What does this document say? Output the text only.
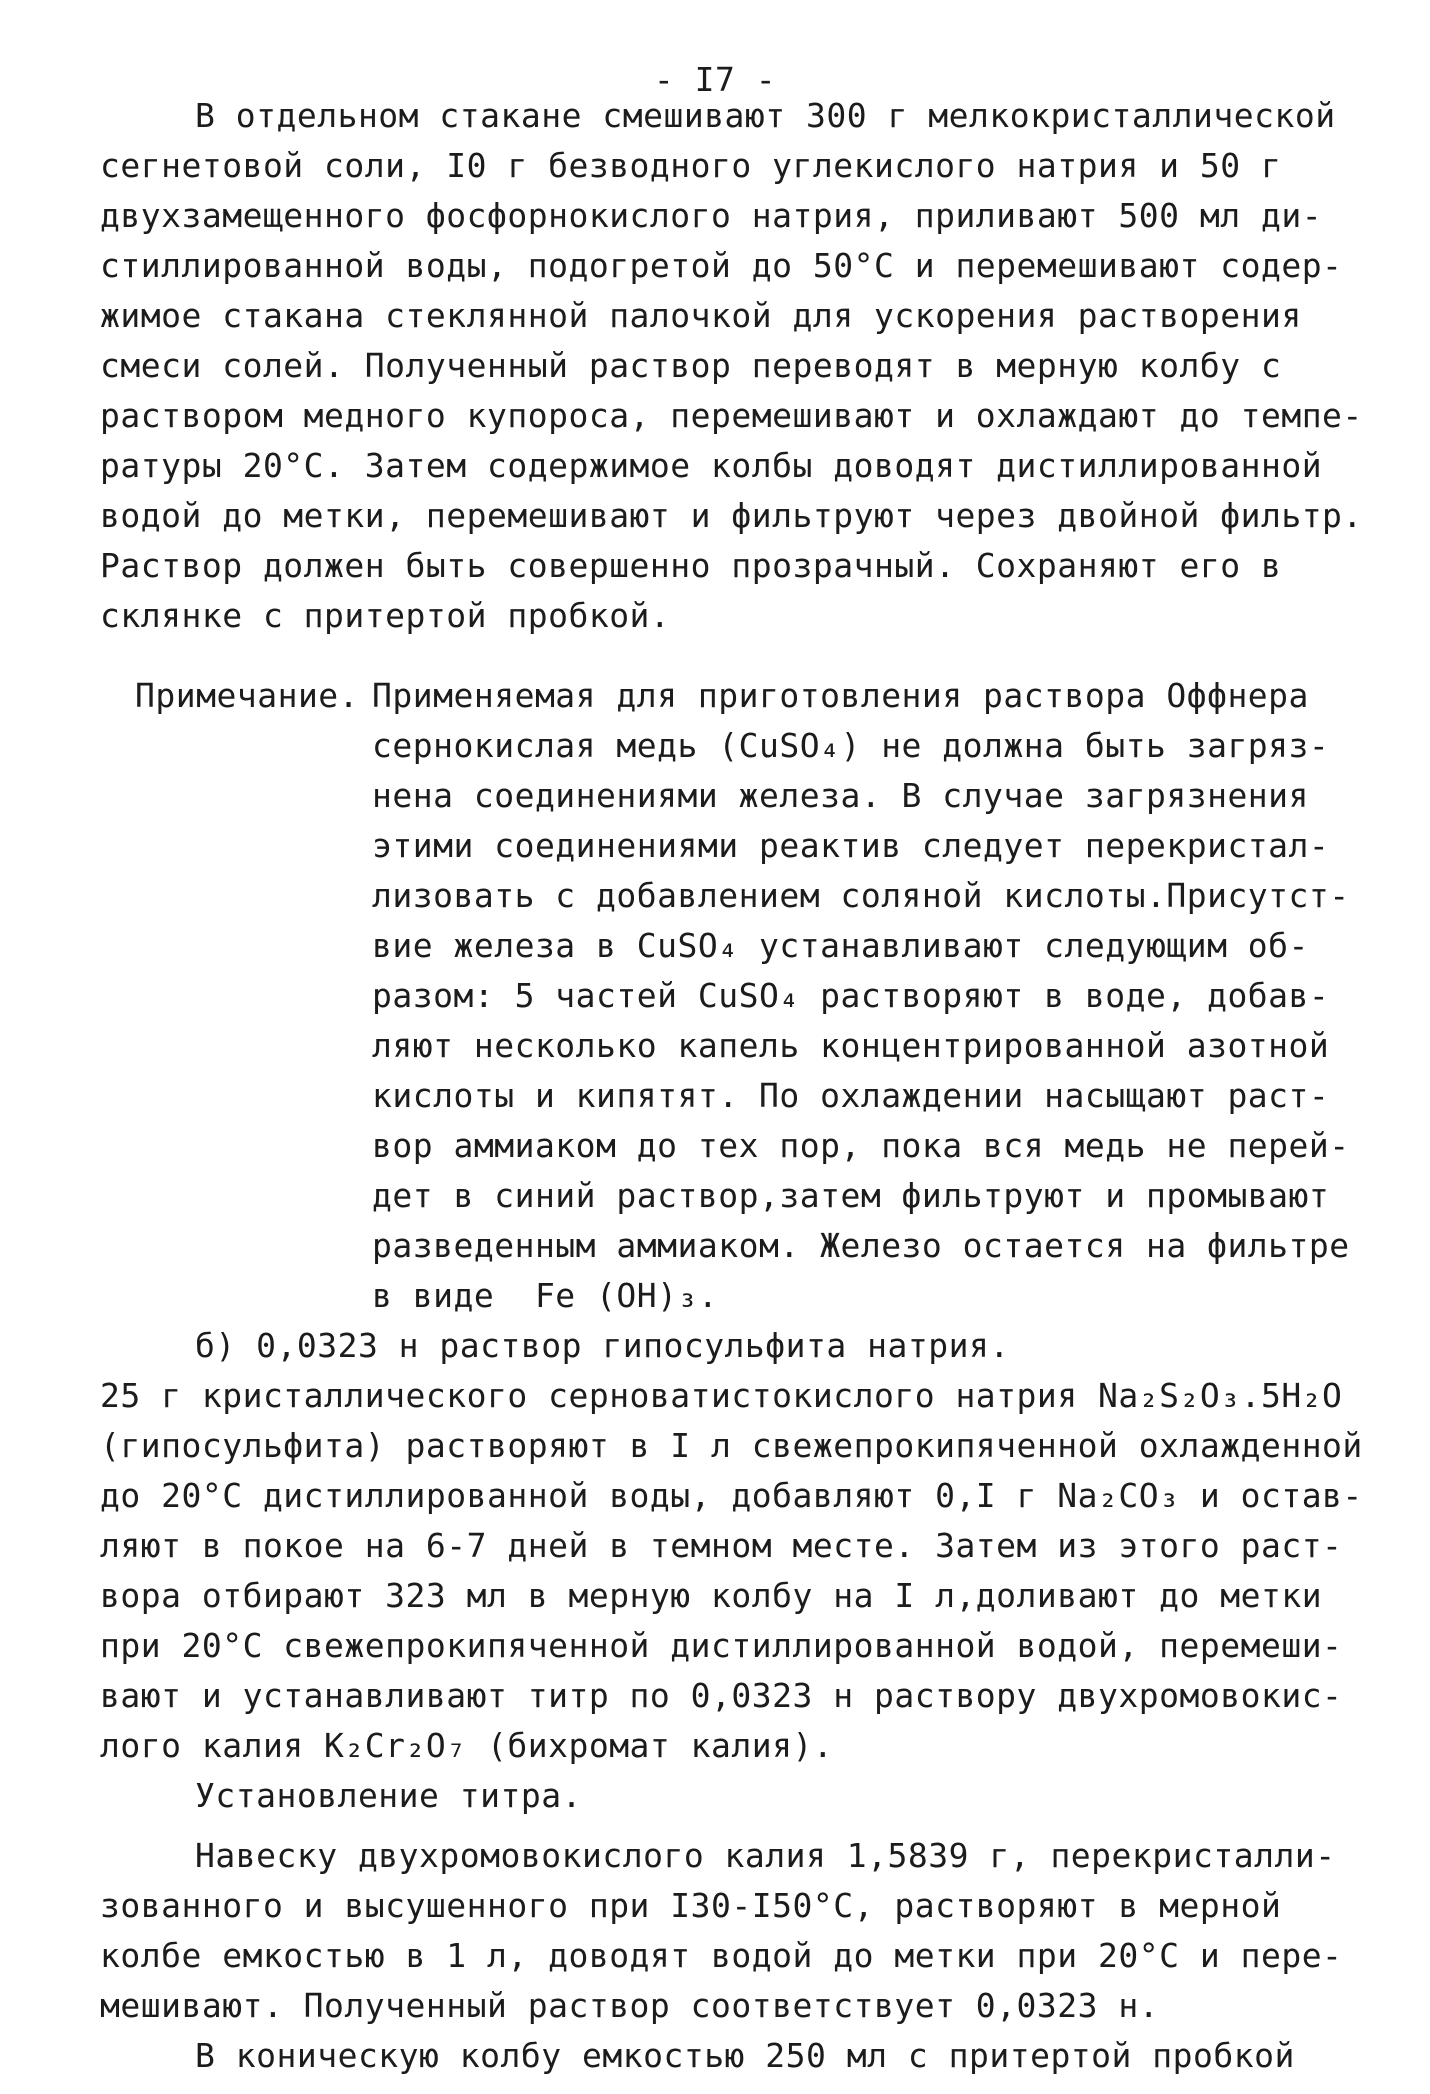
- I7 -
В отдельном стакане смешивают 300 г мелкокристаллической
сегнетовой соли, I0 г безводного углекислого натрия и 50 г
двухзамещенного фосфорнокислого натрия, приливают 500 мл ди-
стиллированной воды, подогретой до 50°С и перемешивают содер-
жимое стакана стеклянной палочкой для ускорения растворения
смеси солей. Полученный раствор переводят в мерную колбу с
раствором медного купороса, перемешивают и охлаждают до темпе-
ратуры 20°С. Затем содержимое колбы доводят дистиллированной
водой до метки, перемешивают и фильтруют через двойной фильтр.
Раствор должен быть совершенно прозрачный. Сохраняют его в
склянке с притертой пробкой.
Примечание. Применяемая для приготовления раствора Оффнера
сернокислая медь (CuSO₄) не должна быть загряз-
нена соединениями железа. В случае загрязнения
этими соединениями реактив следует перекристал-
лизовать с добавлением соляной кислоты.Присутст-
вие железа в CuSO₄ устанавливают следующим об-
разом: 5 частей CuSO₄ растворяют в воде, добав-
ляют несколько капель концентрированной азотной
кислоты и кипятят. По охлаждении насыщают раст-
вор аммиаком до тех пор, пока вся медь не перей-
дет в синий раствор,затем фильтруют и промывают
разведенным аммиаком. Железо остается на фильтре
в виде  Fe (OH)₃.
б) 0,0323 н раствор гипосульфита натрия.
25 г кристаллического серноватистокислого натрия Na₂S₂O₃.5H₂O
(гипосульфита) растворяют в I л свежепрокипяченной охлажденной
до 20°С дистиллированной воды, добавляют 0,I г Na₂CO₃ и остав-
ляют в покое на 6-7 дней в темном месте. Затем из этого раст-
вора отбирают 323 мл в мерную колбу на I л,доливают до метки
при 20°С свежепрокипяченной дистиллированной водой, перемеши-
вают и устанавливают титр по 0,0323 н раствору двухромовокис-
лого калия K₂Cr₂O₇ (бихромат калия).
Установление титра.
Навеску двухромовокислого калия 1,5839 г, перекристалли-
зованного и высушенного при I30-I50°С, растворяют в мерной
колбе емкостью в 1 л, доводят водой до метки при 20°С и пере-
мешивают. Полученный раствор соответствует 0,0323 н.
В коническую колбу емкостью 250 мл с притертой пробкой
